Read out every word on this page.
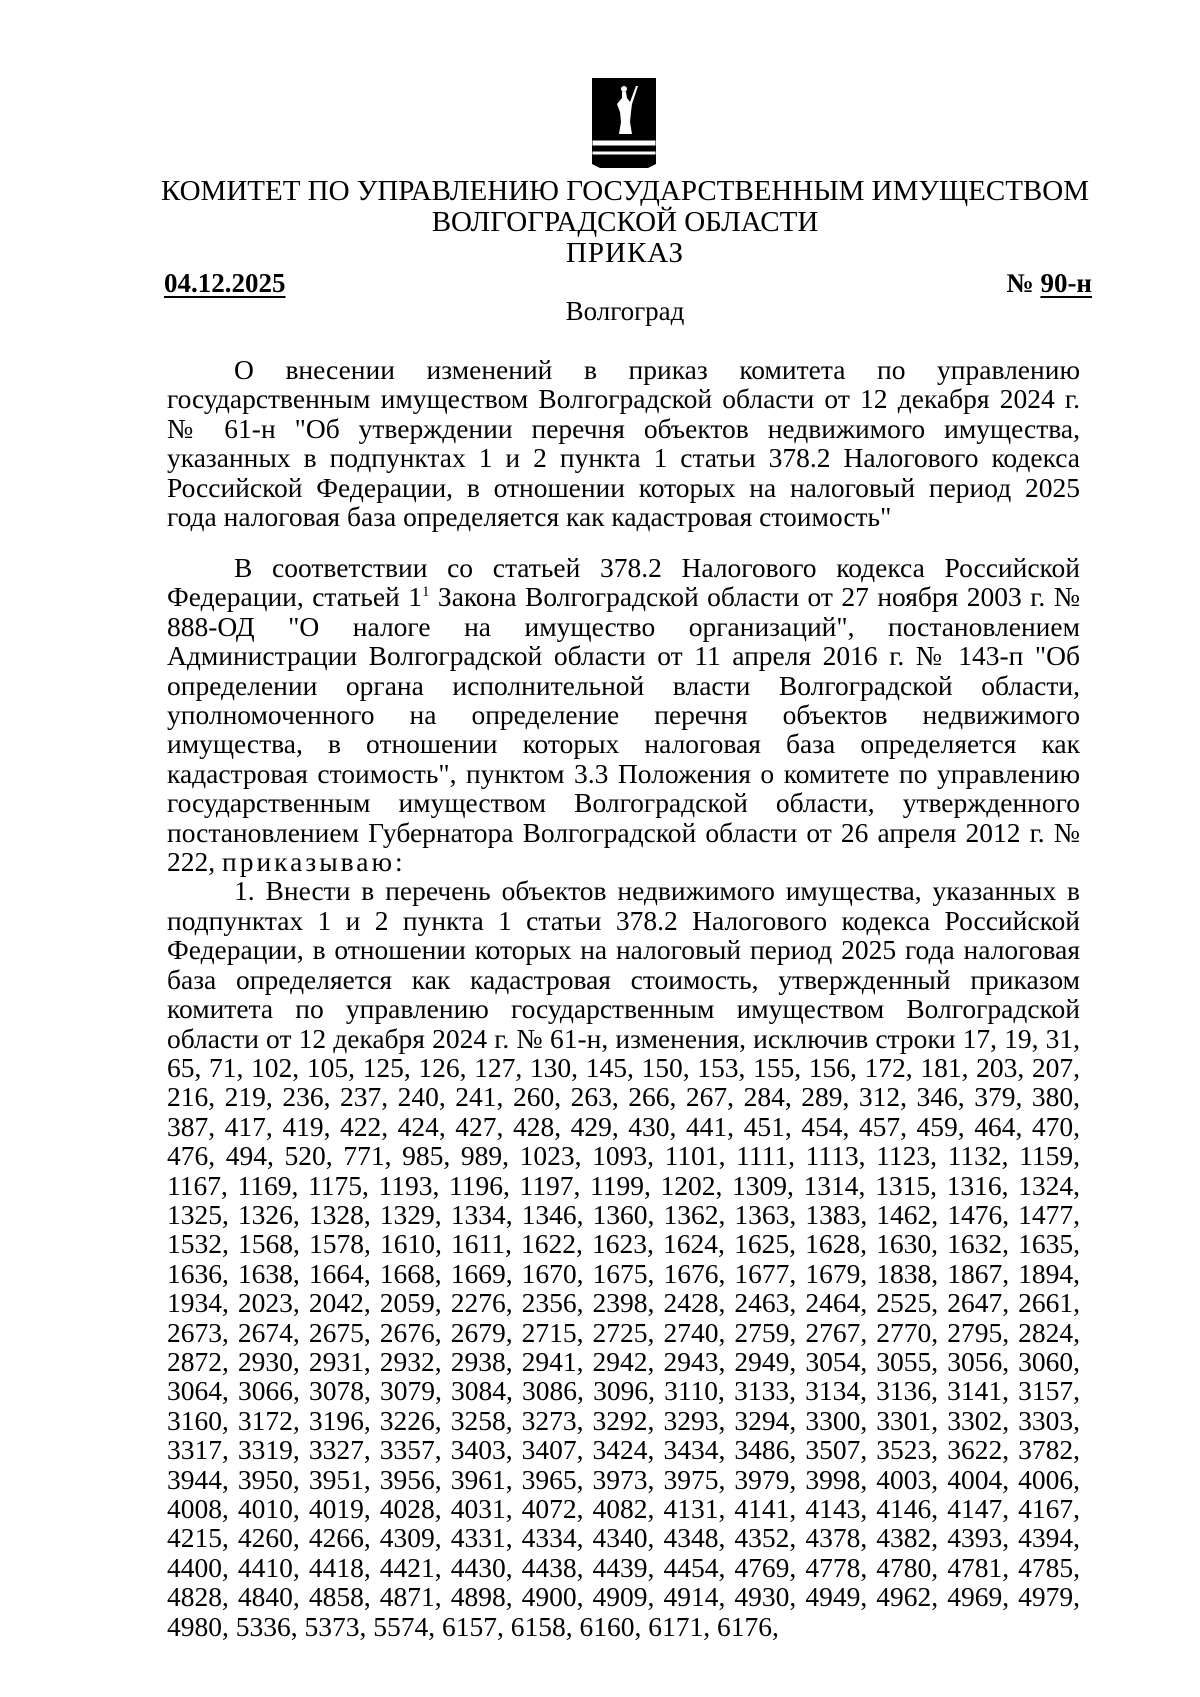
КОМИТЕТ ПО УПРАВЛЕНИЮ ГОСУДАРСТВЕННЫМ ИМУЩЕСТВОМ
ВОЛГОГРАДСКОЙ ОБЛАСТИ
ПРИКАЗ
04.12.2025	№ 90-н
Волгоград

О внесении изменений в приказ комитета по управлению государственным имуществом Волгоградской области от 12 декабря 2024 г. № 61-н "Об утверждении перечня объектов недвижимого имущества, указанных в подпунктах 1 и 2 пункта 1 статьи 378.2 Налогового кодекса Российской Федерации, в отношении которых на налоговый период 2025 года налоговая база определяется как кадастровая стоимость"

В соответствии со статьей 378.2 Налогового кодекса Российской Федерации, статьей $1^1$ Закона Волгоградской области от 27 ноября 2003 г. № 888-ОД "О налоге на имущество организаций", постановлением Администрации Волгоградской области от 11 апреля 2016 г. № 143-п "Об определении органа исполнительной власти Волгоградской области, уполномоченного на определение перечня объектов недвижимого имущества, в отношении которых налоговая база определяется как кадастровая стоимость", пунктом 3.3 Положения о комитете по управлению государственным имуществом Волгоградской области, утвержденного постановлением Губернатора Волгоградской области от 26 апреля 2012 г. № 222, приказываю:

1. Внести в перечень объектов недвижимого имущества, указанных в подпунктах 1 и 2 пункта 1 статьи 378.2 Налогового кодекса Российской Федерации, в отношении которых на налоговый период 2025 года налоговая база определяется как кадастровая стоимость, утвержденный приказом комитета по управлению государственным имуществом Волгоградской области от 12 декабря 2024 г. № 61-н, изменения, исключив строки 17, 19, 31, 65, 71, 102, 105, 125, 126, 127, 130, 145, 150, 153, 155, 156, 172, 181, 203, 207, 216, 219, 236, 237, 240, 241, 260, 263, 266, 267, 284, 289, 312, 346, 379, 380, 387, 417, 419, 422, 424, 427, 428, 429, 430, 441, 451, 454, 457, 459, 464, 470, 476, 494, 520, 771, 985, 989, 1023, 1093, 1101, 1111, 1113, 1123, 1132, 1159, 1167, 1169, 1175, 1193, 1196, 1197, 1199, 1202, 1309, 1314, 1315, 1316, 1324, 1325, 1326, 1328, 1329, 1334, 1346, 1360, 1362, 1363, 1383, 1462, 1476, 1477, 1532, 1568, 1578, 1610, 1611, 1622, 1623, 1624, 1625, 1628, 1630, 1632, 1635, 1636, 1638, 1664, 1668, 1669, 1670, 1675, 1676, 1677, 1679, 1838, 1867, 1894, 1934, 2023, 2042, 2059, 2276, 2356, 2398, 2428, 2463, 2464, 2525, 2647, 2661, 2673, 2674, 2675, 2676, 2679, 2715, 2725, 2740, 2759, 2767, 2770, 2795, 2824, 2872, 2930, 2931, 2932, 2938, 2941, 2942, 2943, 2949, 3054, 3055, 3056, 3060, 3064, 3066, 3078, 3079, 3084, 3086, 3096, 3110, 3133, 3134, 3136, 3141, 3157, 3160, 3172, 3196, 3226, 3258, 3273, 3292, 3293, 3294, 3300, 3301, 3302, 3303, 3317, 3319, 3327, 3357, 3403, 3407, 3424, 3434, 3486, 3507, 3523, 3622, 3782, 3944, 3950, 3951, 3956, 3961, 3965, 3973, 3975, 3979, 3998, 4003, 4004, 4006, 4008, 4010, 4019, 4028, 4031, 4072, 4082, 4131, 4141, 4143, 4146, 4147, 4167, 4215, 4260, 4266, 4309, 4331, 4334, 4340, 4348, 4352, 4378, 4382, 4393, 4394, 4400, 4410, 4418, 4421, 4430, 4438, 4439, 4454, 4769, 4778, 4780, 4781, 4785, 4828, 4840, 4858, 4871, 4898, 4900, 4909, 4914, 4930, 4949, 4962, 4969, 4979, 4980, 5336, 5373, 5574, 6157, 6158, 6160, 6171, 6176,
